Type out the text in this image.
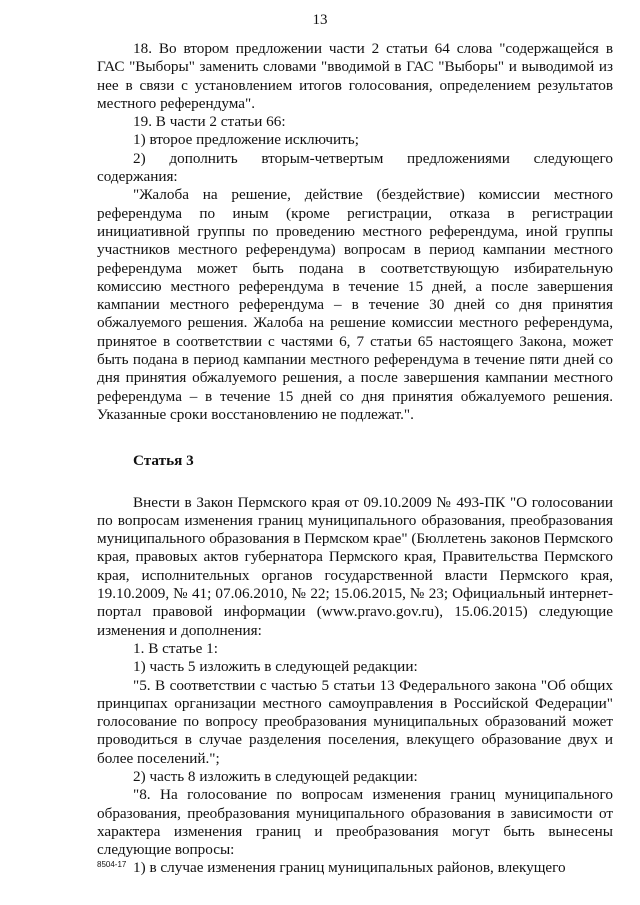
13

18. Во втором предложении части 2 статьи 64 слова "содержащейся в ГАС "Выборы" заменить словами "вводимой в ГАС "Выборы" и выводимой из нее в связи с установлением итогов голосования, определением результатов местного референдума".

19. В части 2 статьи 66:

1) второе предложение исключить;

2) дополнить вторым-четвертым предложениями следующего содержания:

"Жалоба на решение, действие (бездействие) комиссии местного референдума по иным (кроме регистрации, отказа в регистрации инициативной группы по проведению местного референдума, иной группы участников местного референдума) вопросам в период кампании местного референдума может быть подана в соответствующую избирательную комиссию местного референдума в течение 15 дней, а после завершения кампании местного референдума – в течение 30 дней со дня принятия обжалуемого решения. Жалоба на решение комиссии местного референдума, принятое в соответствии с частями 6, 7 статьи 65 настоящего Закона, может быть подана в период кампании местного референдума в течение пяти дней со дня принятия обжалуемого решения, а после завершения кампании местного референдума – в течение 15 дней со дня принятия обжалуемого решения. Указанные сроки восстановлению не подлежат.".

Статья 3

Внести в Закон Пермского края от 09.10.2009 № 493-ПК "О голосовании по вопросам изменения границ муниципального образования, преобразования муниципального образования в Пермском крае" (Бюллетень законов Пермского края, правовых актов губернатора Пермского края, Правительства Пермского края, исполнительных органов государственной власти Пермского края, 19.10.2009, № 41; 07.06.2010, № 22; 15.06.2015, № 23; Официальный интернет-портал правовой информации (www.pravo.gov.ru), 15.06.2015) следующие изменения и дополнения:

1. В статье 1:

1) часть 5 изложить в следующей редакции:

"5. В соответствии с частью 5 статьи 13 Федерального закона "Об общих принципах организации местного самоуправления в Российской Федерации" голосование по вопросу преобразования муниципальных образований может проводиться в случае разделения поселения, влекущего образование двух и более поселений.";

2) часть 8 изложить в следующей редакции:

"8. На голосование по вопросам изменения границ муниципального образования, преобразования муниципального образования в зависимости от характера изменения границ и преобразования могут быть вынесены следующие вопросы:

1) в случае изменения границ муниципальных районов, влекущего

8504-17
